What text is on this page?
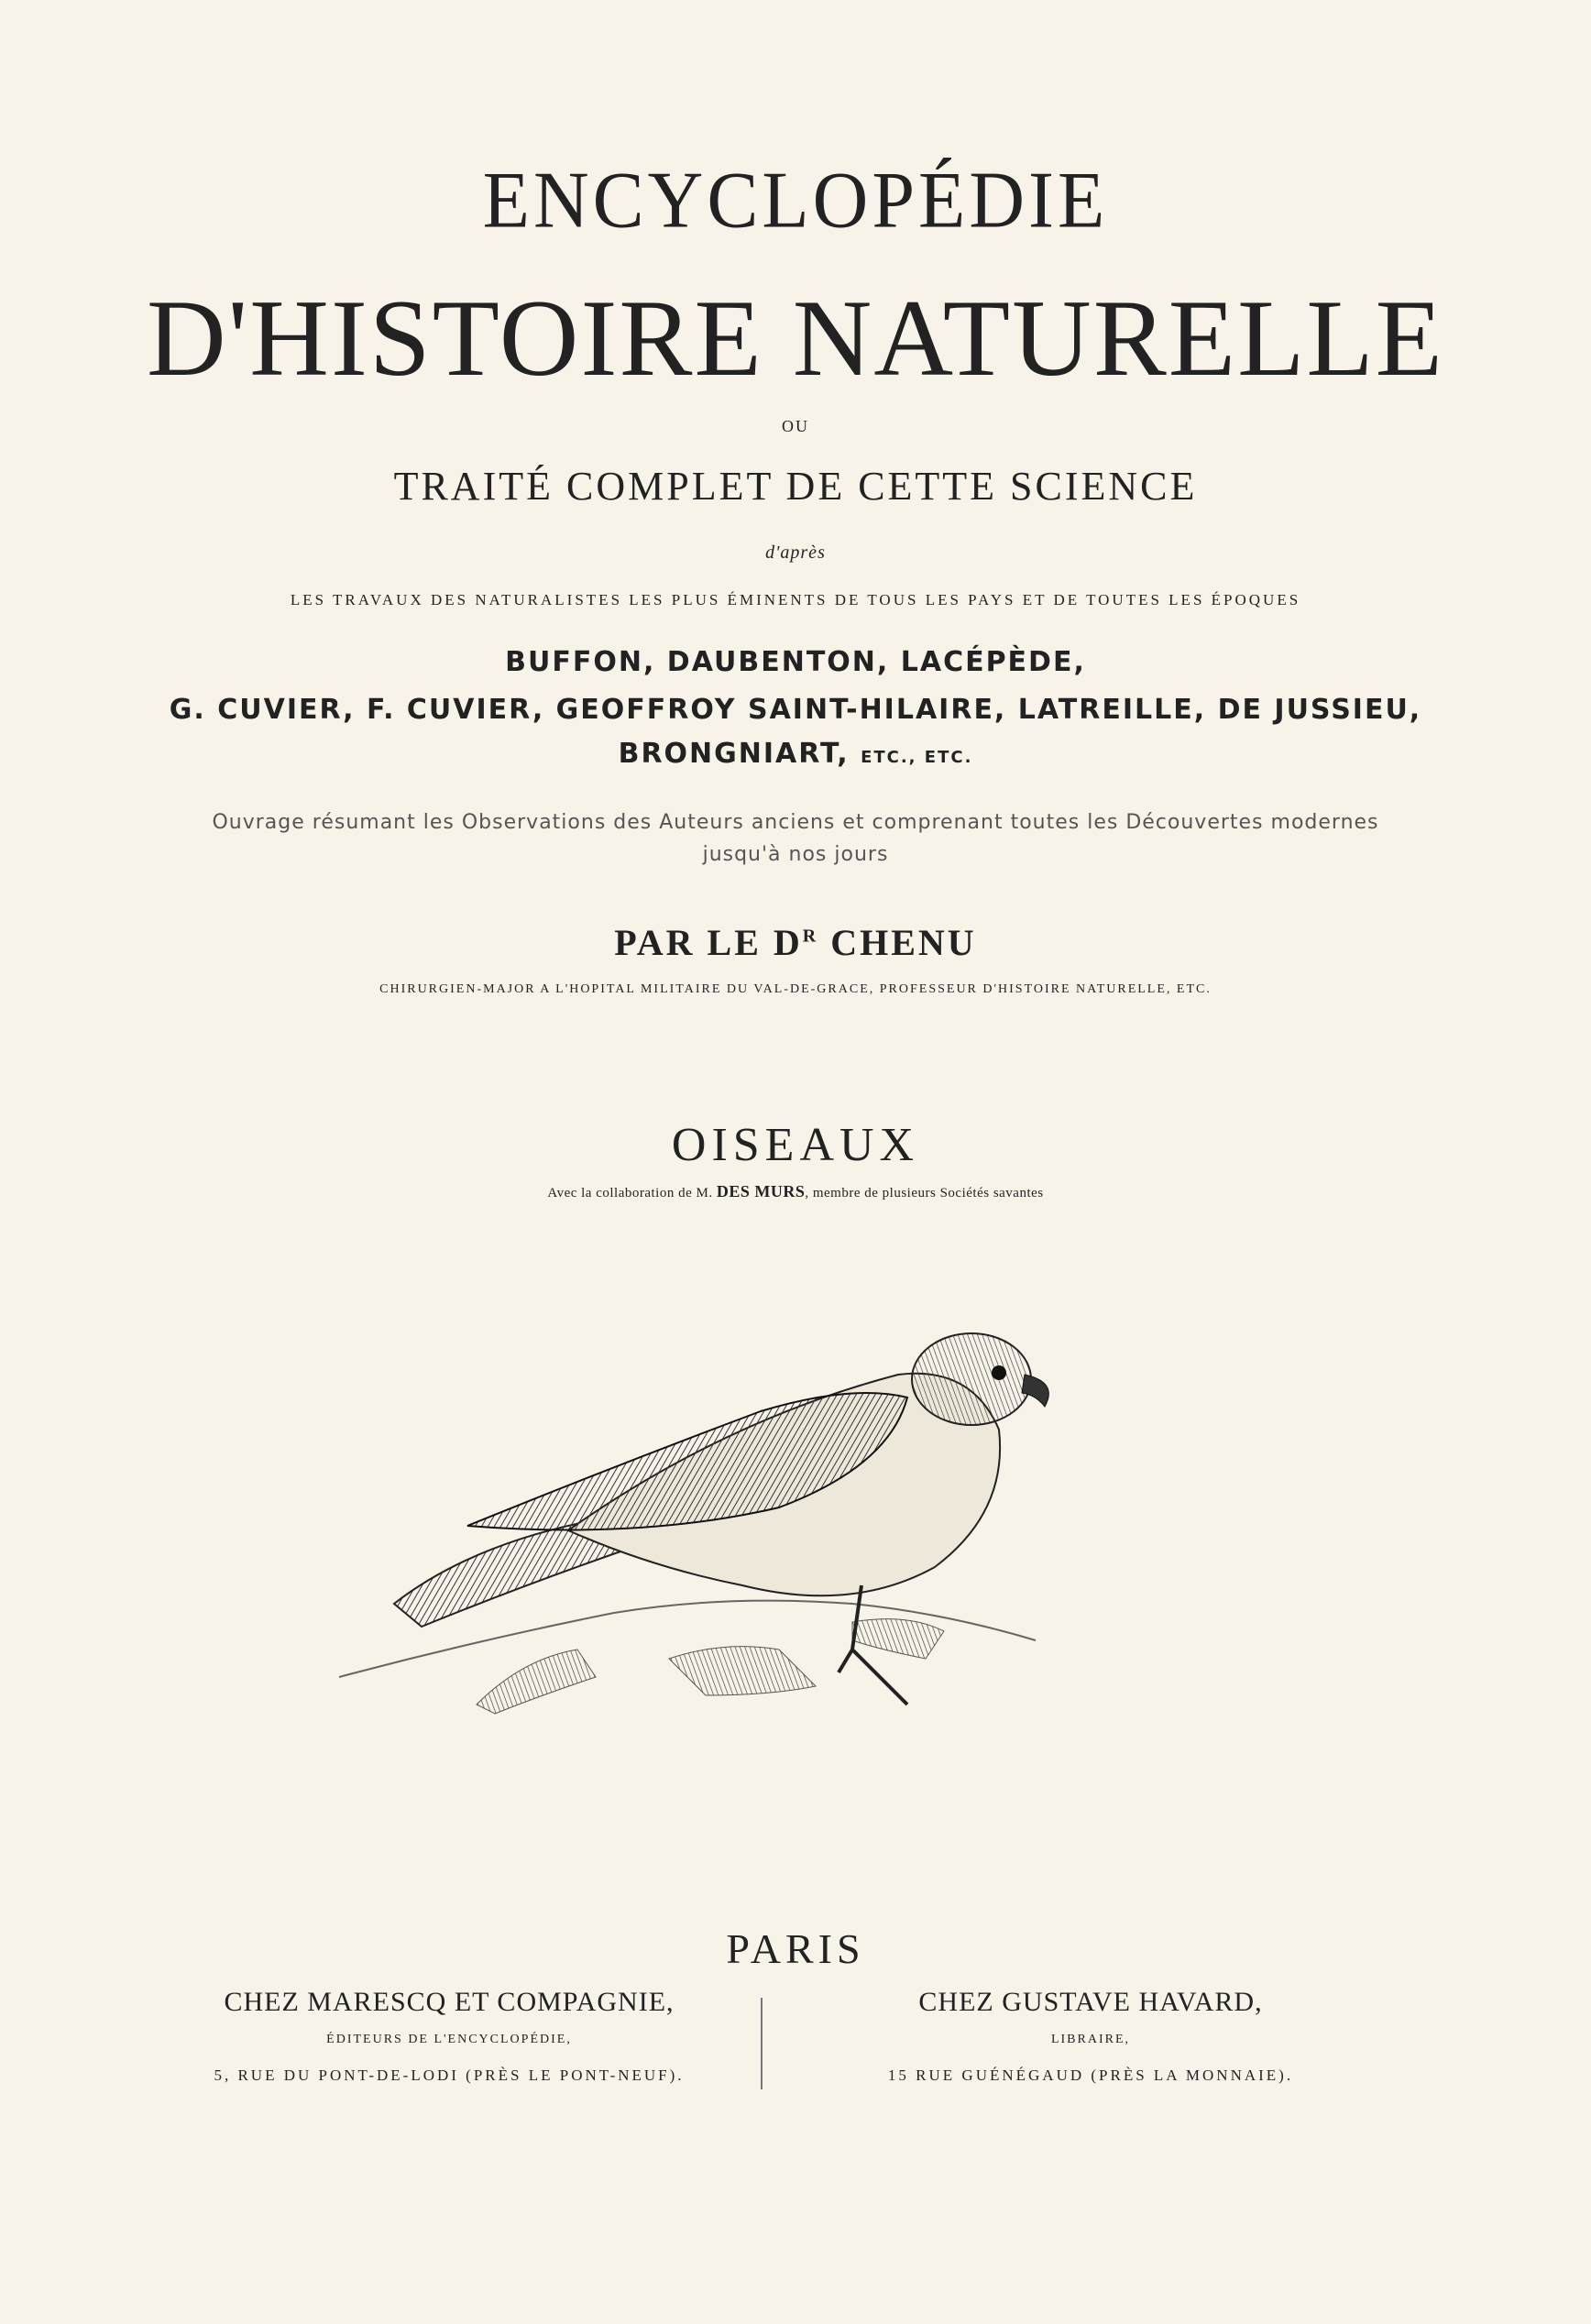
ENCYCLOPÉDIE
D'HISTOIRE NATURELLE
OU
TRAITÉ COMPLET DE CETTE SCIENCE
d'après
LES TRAVAUX DES NATURALISTES LES PLUS ÉMINENTS DE TOUS LES PAYS ET DE TOUTES LES ÉPOQUES
BUFFON, DAUBENTON, LACÉPÈDE,
G. CUVIER, F. CUVIER, GEOFFROY SAINT-HILAIRE, LATREILLE, DE JUSSIEU,
BRONGNIART, ETC., ETC.
Ouvrage résumant les Observations des Auteurs anciens et comprenant toutes les Découvertes modernes
jusqu'à nos jours
PAR LE $D^R$ CHENU
CHIRURGIEN-MAJOR A L'HOPITAL MILITAIRE DU VAL-DE-GRACE, PROFESSEUR D'HISTOIRE NATURELLE, ETC.
OISEAUX
Avec la collaboration de M. DES MURS, membre de plusieurs Sociétés savantes
PARIS
CHEZ MARESCQ ET COMPAGNIE,
ÉDITEURS DE L'ENCYCLOPÉDIE,
5, RUE DU PONT-DE-LODI (PRÈS LE PONT-NEUF).
CHEZ GUSTAVE HAVARD,
LIBRAIRE,
15 RUE GUÉNÉGAUD (PRÈS LA MONNAIE).
